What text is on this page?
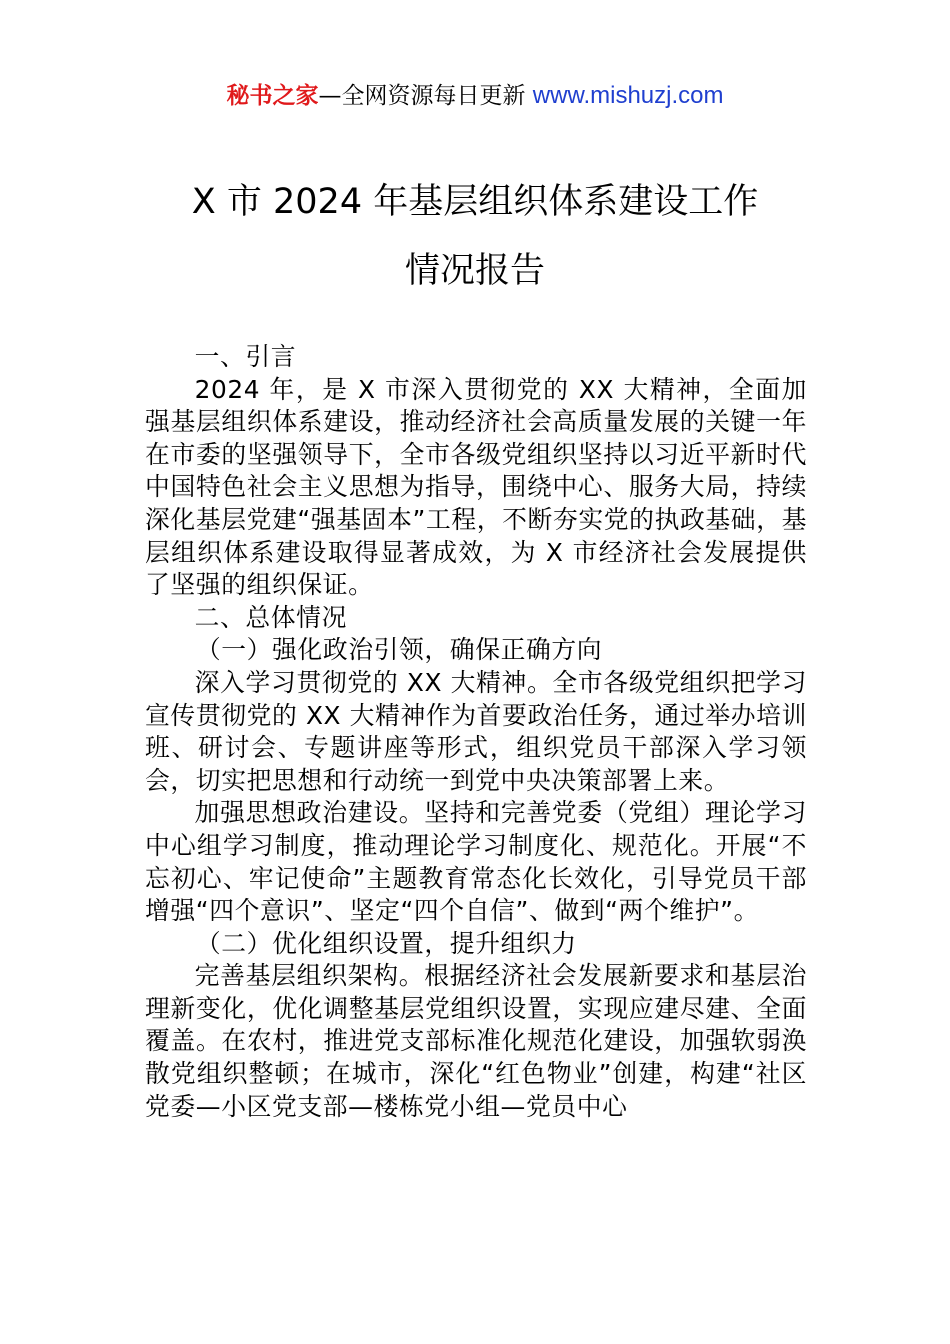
秘书之家—全网资源每日更新 www.mishuzj.com
X 市 2024 年基层组织体系建设工作
情况报告

一、引言

2024 年，是 X 市深入贯彻党的 XX 大精神，全面加强基层组织体系建设，推动经济社会高质量发展的关键一年在市委的坚强领导下，全市各级党组织坚持以习近平新时代中国特色社会主义思想为指导，围绕中心、服务大局，持续深化基层党建“强基固本”工程，不断夯实党的执政基础，基层组织体系建设取得显著成效，为 X 市经济社会发展提供了坚强的组织保证。

二、总体情况

（一）强化政治引领，确保正确方向

深入学习贯彻党的 XX 大精神。全市各级党组织把学习宣传贯彻党的 XX 大精神作为首要政治任务，通过举办培训班、研讨会、专题讲座等形式，组织党员干部深入学习领会，切实把思想和行动统一到党中央决策部署上来。

加强思想政治建设。坚持和完善党委（党组）理论学习中心组学习制度，推动理论学习制度化、规范化。开展“不忘初心、牢记使命”主题教育常态化长效化，引导党员干部增强“四个意识”、坚定“四个自信”、做到“两个维护”。

（二）优化组织设置，提升组织力

完善基层组织架构。根据经济社会发展新要求和基层治理新变化，优化调整基层党组织设置，实现应建尽建、全面覆盖。在农村，推进党支部标准化规范化建设，加强软弱涣散党组织整顿；在城市，深化“红色物业”创建，构建“社区党委—小区党支部—楼栋党小组—党员中心
